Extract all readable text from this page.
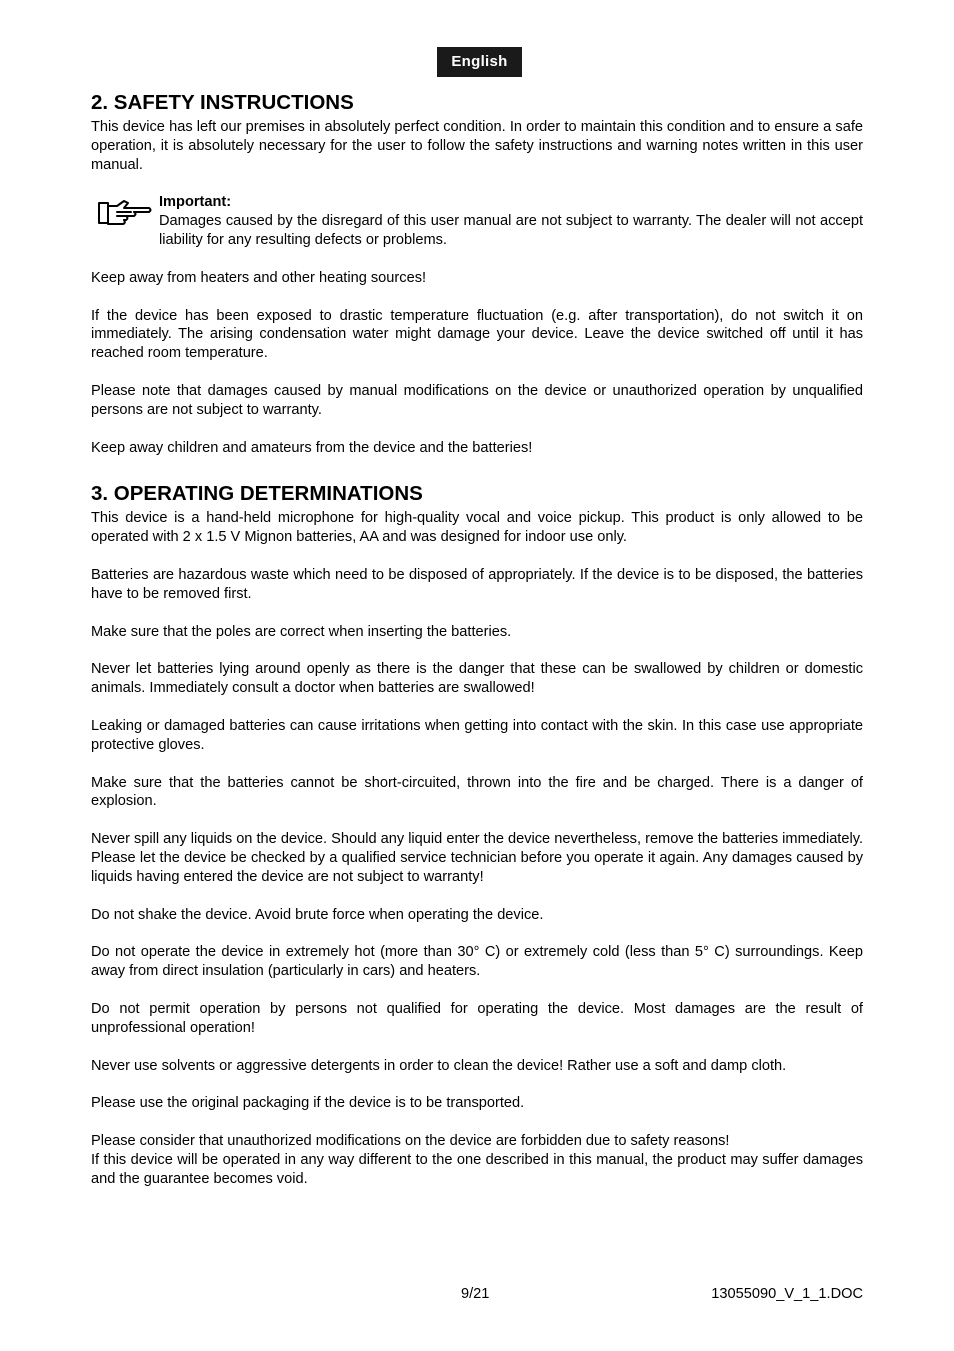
English
2. SAFETY INSTRUCTIONS

This device has left our premises in absolutely perfect condition. In order to maintain this condition and to ensure a safe operation, it is absolutely necessary for the user to follow the safety instructions and warning notes written in this user manual.

Important:

Damages caused by the disregard of this user manual are not subject to warranty. The dealer will not accept liability for any resulting defects or problems.

Keep away from heaters and other heating sources!

If the device has been exposed to drastic temperature fluctuation (e.g. after transportation), do not switch it on immediately. The arising condensation water might damage your device. Leave the device switched off until it has reached room temperature.

Please note that damages caused by manual modifications on the device or unauthorized operation by unqualified persons are not subject to warranty.

Keep away children and amateurs from the device and the batteries!

3. OPERATING DETERMINATIONS

This device is a hand-held microphone for high-quality vocal and voice pickup. This product is only allowed to be operated with 2 x 1.5 V Mignon batteries, AA and was designed for indoor use only.

Batteries are hazardous waste which need to be disposed of appropriately. If the device is to be disposed, the batteries have to be removed first.

Make sure that the poles are correct when inserting the batteries.

Never let batteries lying around openly as there is the danger that these can be swallowed by children or domestic animals. Immediately consult a doctor when batteries are swallowed!

Leaking or damaged batteries can cause irritations when getting into contact with the skin. In this case use appropriate protective gloves.

Make sure that the batteries cannot be short-circuited, thrown into the fire and be charged. There is a danger of explosion.

Never spill any liquids on the device. Should any liquid enter the device nevertheless, remove the batteries immediately. Please let the device be checked by a qualified service technician before you operate it again. Any damages caused by liquids having entered the device are not subject to warranty!

Do not shake the device. Avoid brute force when operating the device.

Do not operate the device in extremely hot (more than 30° C) or extremely cold (less than 5° C) surroundings. Keep away from direct insulation (particularly in cars) and heaters.

Do not permit operation by persons not qualified for operating the device. Most damages are the result of unprofessional operation!

Never use solvents or aggressive detergents in order to clean the device! Rather use a soft and damp cloth.

Please use the original packaging if the device is to be transported.

Please consider that unauthorized modifications on the device are forbidden due to safety reasons!

If this device will be operated in any way different to the one described in this manual, the product may suffer damages and the guarantee becomes void.

9/21	13055090_V_1_1.DOC
